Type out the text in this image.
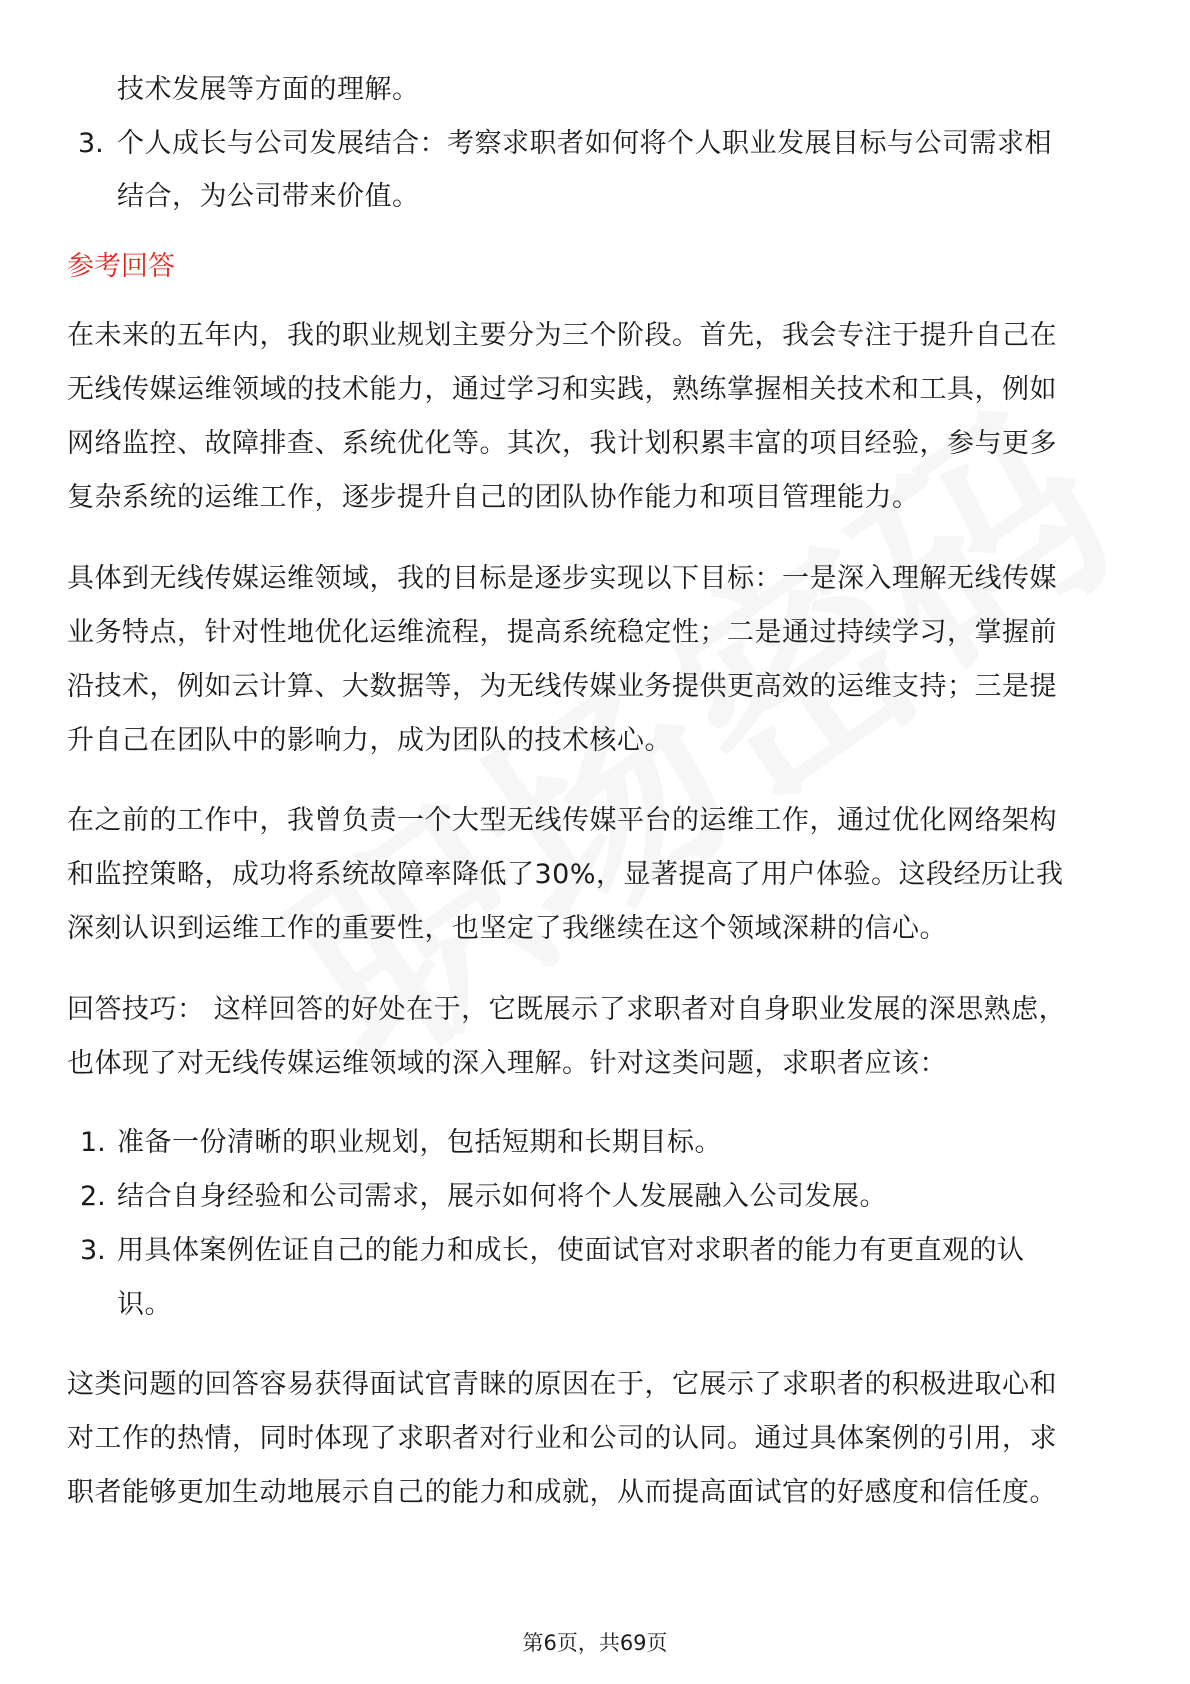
技术发展等方面的理解。
3. 个人成长与公司发展结合：考察求职者如何将个人职业发展目标与公司需求相
结合，为公司带来价值。
参考回答
在未来的五年内，我的职业规划主要分为三个阶段。首先，我会专注于提升自己在
无线传媒运维领域的技术能力，通过学习和实践，熟练掌握相关技术和工具，例如
网络监控、故障排查、系统优化等。其次，我计划积累丰富的项目经验，参与更多
复杂系统的运维工作，逐步提升自己的团队协作能力和项目管理能力。
具体到无线传媒运维领域，我的目标是逐步实现以下目标：一是深入理解无线传媒
业务特点，针对性地优化运维流程，提高系统稳定性；二是通过持续学习，掌握前
沿技术，例如云计算、大数据等，为无线传媒业务提供更高效的运维支持；三是提
升自己在团队中的影响力，成为团队的技术核心。
在之前的工作中，我曾负责一个大型无线传媒平台的运维工作，通过优化网络架构
和监控策略，成功将系统故障率降低了30%，显著提高了用户体验。这段经历让我
深刻认识到运维工作的重要性，也坚定了我继续在这个领域深耕的信心。
回答技巧： 这样回答的好处在于，它既展示了求职者对自身职业发展的深思熟虑，
也体现了对无线传媒运维领域的深入理解。针对这类问题，求职者应该：
1. 准备一份清晰的职业规划，包括短期和长期目标。
2. 结合自身经验和公司需求，展示如何将个人发展融入公司发展。
3. 用具体案例佐证自己的能力和成长，使面试官对求职者的能力有更直观的认
识。
这类问题的回答容易获得面试官青睐的原因在于，它展示了求职者的积极进取心和
对工作的热情，同时体现了求职者对行业和公司的认同。通过具体案例的引用，求
职者能够更加生动地展示自己的能力和成就，从而提高面试官的好感度和信任度。
第6页，共69页
